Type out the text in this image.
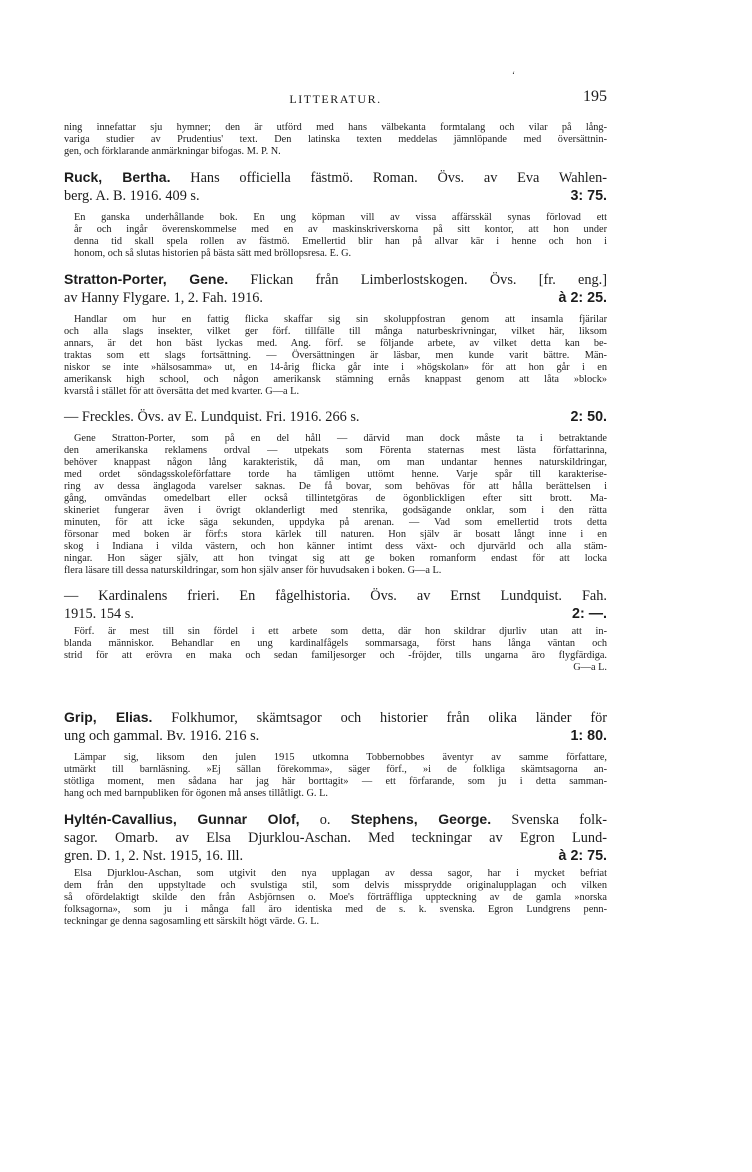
LITTERATUR.	195

ning innefattar sju hymner; den är utförd med hans välbekanta formtalang och vilar på lång-
variga studier av Prudentius' text. Den latinska texten meddelas jämnlöpande med översättnin-
gen, och förklarande anmärkningar bifogas. M. P. N.

Ruck, Bertha. Hans officiella fästmö. Roman. Övs. av Eva Wahlen-
berg. A. B. 1916. 409 s.	3: 75.

En ganska underhållande bok. En ung köpman vill av vissa affärsskäl synas förlovad ett
år och ingår överenskommelse med en av maskinskriverskorna på sitt kontor, att hon under
denna tid skall spela rollen av fästmö. Emellertid blir han på allvar kär i henne och hon i
honom, och så slutas historien på bästa sätt med bröllopsresa. E. G.

Stratton-Porter, Gene. Flickan från Limberlostskogen. Övs. [fr. eng.]
av Hanny Flygare. 1, 2. Fah. 1916.	à 2: 25.

Handlar om hur en fattig flicka skaffar sig sin skoluppfostran genom att insamla fjärilar
och alla slags insekter, vilket ger förf. tillfälle till många naturbeskrivningar, vilket här, liksom
annars, är det hon bäst lyckas med. Ang. förf. se följande arbete, av vilket detta kan be-
traktas som ett slags fortsättning. — Översättningen är läsbar, men kunde varit bättre. Män-
niskor se inte »hälsosamma» ut, en 14-årig flicka går inte i »högskolan» för att hon går i en
amerikansk high school, och någon amerikansk stämning ernås knappast genom att låta »block»
kvarstå i stället för att översätta det med kvarter. G—a L.

— Freckles. Övs. av E. Lundquist. Fri. 1916. 266 s.	2: 50.

Gene Stratton-Porter, som på en del håll — därvid man dock måste ta i betraktande
den amerikanska reklamens ordval — utpekats som Förenta staternas mest lästa författarinna,
behöver knappast någon lång karakteristik, då man, om man undantar hennes naturskildringar,
med ordet söndagsskoleförfattare torde ha tämligen uttömt henne. Varje spår till karakterise-
ring av dessa änglagoda varelser saknas. De få bovar, som behövas för att hålla berättelsen i
gång, omvändas omedelbart eller också tillintetgöras de ögonblickligen efter sitt brott. Ma-
skineriet fungerar även i övrigt oklanderligt med stenrika, godsägande onklar, som i den rätta
minuten, för att icke säga sekunden, uppdyka på arenan. — Vad som emellertid trots detta
försonar med boken är förf:s stora kärlek till naturen. Hon själv är bosatt långt inne i en
skog i Indiana i vilda västern, och hon känner intimt dess växt- och djurvärld och alla stäm-
ningar. Hon säger själv, att hon tvingat sig att ge boken romanform endast för att locka
flera läsare till dessa naturskildringar, som hon själv anser för huvudsaken i boken. G—a L.

— Kardinalens frieri. En fågelhistoria. Övs. av Ernst Lundquist. Fah.
1915. 154 s.	2: —.

Förf. är mest till sin fördel i ett arbete som detta, där hon skildrar djurliv utan att in-
blanda människor. Behandlar en ung kardinalfågels sommarsaga, först hans långa väntan och
strid för att erövra en maka och sedan familjesorger och -fröjder, tills ungarna äro flygfärdiga.
G—a L.

Grip, Elias. Folkhumor, skämtsagor och historier från olika länder för
ung och gammal. Bv. 1916. 216 s.	1: 80.

Lämpar sig, liksom den julen 1915 utkomna Tobbernobbes äventyr av samme författare,
utmärkt till barnläsning. »Ej sällan förekomma», säger förf., »i de folkliga skämtsagorna an-
stötliga moment, men sådana har jag här borttagit» — ett förfarande, som ju i detta samman-
hang och med barnpubliken för ögonen må anses tillåtligt. G. L.

Hyltén-Cavallius, Gunnar Olof, o. Stephens, George. Svenska folk-
sagor. Omarb. av Elsa Djurklou-Aschan. Med teckningar av Egron Lund-
gren. D. 1, 2. Nst. 1915, 16. Ill.	à 2: 75.

Elsa Djurklou-Aschan, som utgivit den nya upplagan av dessa sagor, har i mycket befriat
dem från den uppstyltade och svulstiga stil, som delvis missprydde originalupplagan och vilken
så ofördelaktigt skilde den från Asbjörnsen o. Moe's förträffliga uppteckning av de gamla »norska
folksagorna», som ju i många fall äro identiska med de s. k. svenska. Egron Lundgrens penn-
teckningar ge denna sagosamling ett särskilt högt värde. G. L.

ʻ
